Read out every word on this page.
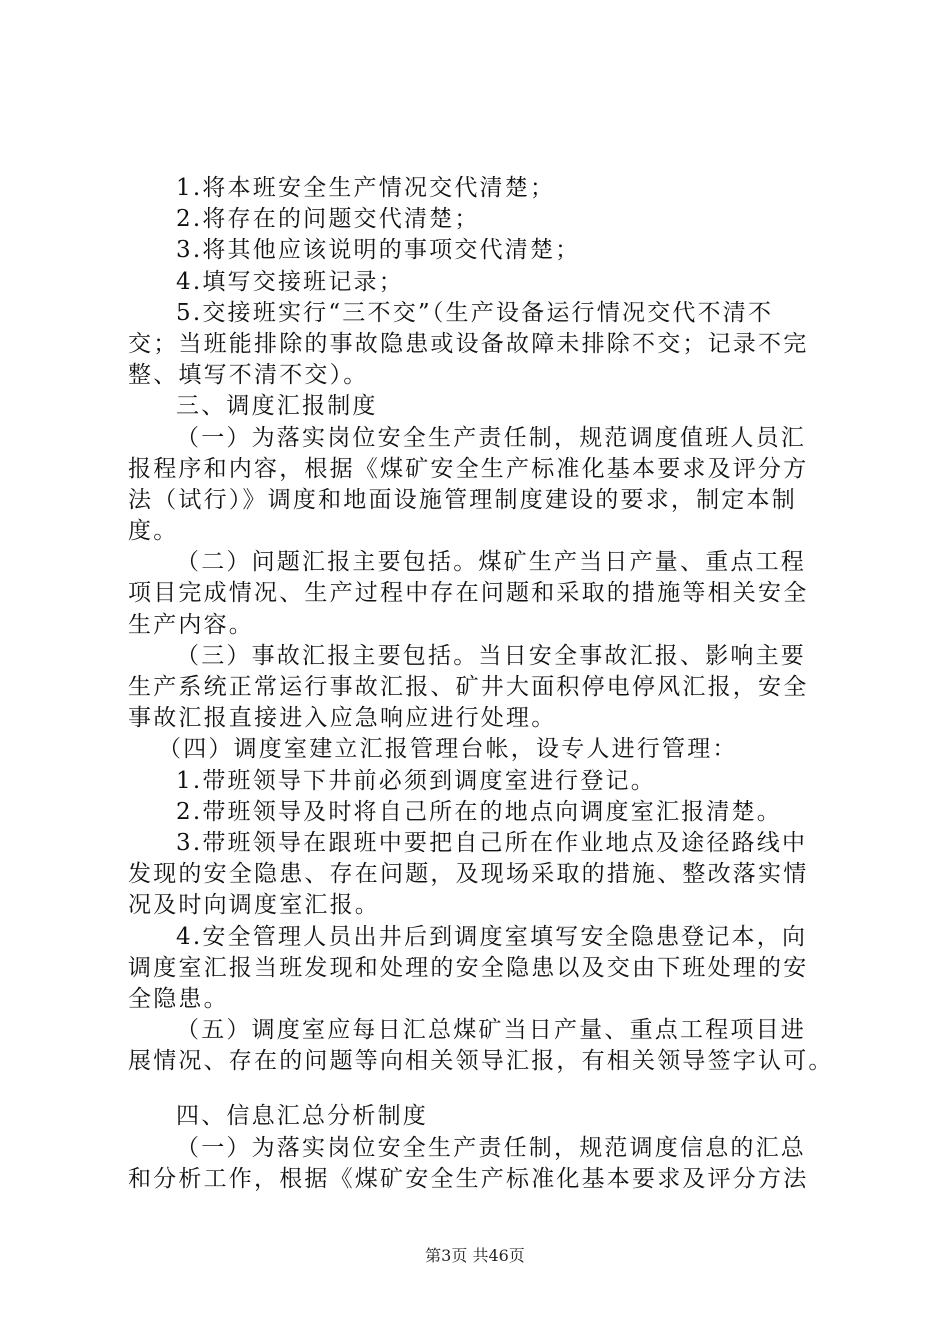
1.将本班安全生产情况交代清楚；
2.将存在的问题交代清楚；
3.将其他应该说明的事项交代清楚；
4.填写交接班记录；
5.交接班实行“三不交”（生产设备运行情况交代不清不
交；当班能排除的事故隐患或设备故障未排除不交；记录不完
整、填写不清不交）。
三、调度汇报制度
（一）为落实岗位安全生产责任制，规范调度值班人员汇
报程序和内容，根据《煤矿安全生产标准化基本要求及评分方
法（试行）》调度和地面设施管理制度建设的要求，制定本制
度。
（二）问题汇报主要包括。煤矿生产当日产量、重点工程
项目完成情况、生产过程中存在问题和采取的措施等相关安全
生产内容。
（三）事故汇报主要包括。当日安全事故汇报、影响主要
生产系统正常运行事故汇报、矿井大面积停电停风汇报，安全
事故汇报直接进入应急响应进行处理。
（四）调度室建立汇报管理台帐，设专人进行管理：
1.带班领导下井前必须到调度室进行登记。
2.带班领导及时将自己所在的地点向调度室汇报清楚。
3.带班领导在跟班中要把自己所在作业地点及途径路线中
发现的安全隐患、存在问题，及现场采取的措施、整改落实情
况及时向调度室汇报。
4.安全管理人员出井后到调度室填写安全隐患登记本，向
调度室汇报当班发现和处理的安全隐患以及交由下班处理的安
全隐患。
（五）调度室应每日汇总煤矿当日产量、重点工程项目进
展情况、存在的问题等向相关领导汇报，有相关领导签字认可。
四、信息汇总分析制度
（一）为落实岗位安全生产责任制，规范调度信息的汇总
和分析工作，根据《煤矿安全生产标准化基本要求及评分方法
第3页 共46页
